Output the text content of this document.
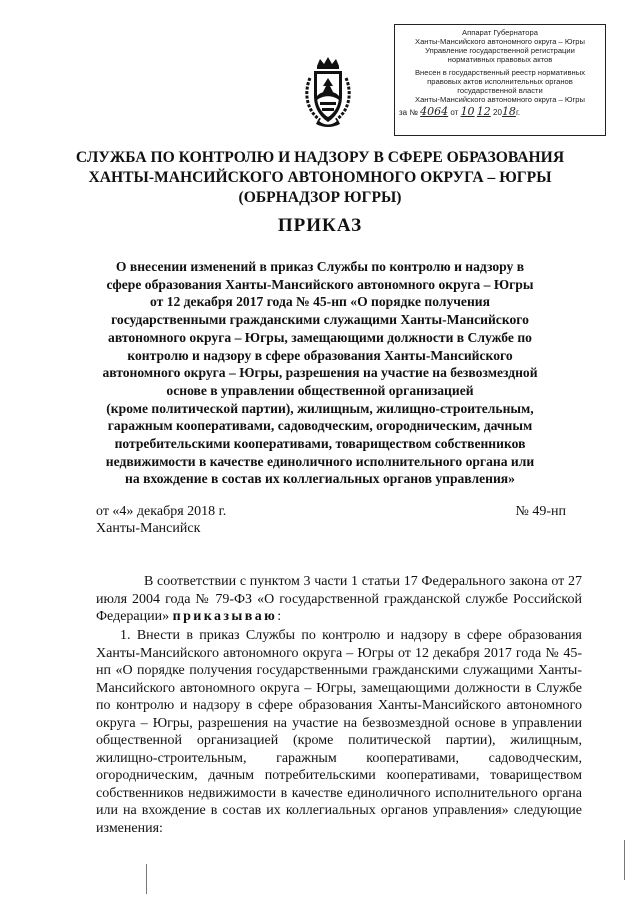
Аппарат Губернатора
Ханты-Мансийского автономного округа – Югры
Управление государственной регистрации
нормативных правовых актов
Внесен в государственный реестр нормативных
правовых актов исполнительных органов
государственной власти
Ханты-Мансийского автономного округа – Югры
за № 4064 от 10 12 2018г.
СЛУЖБА ПО КОНТРОЛЮ И НАДЗОРУ В СФЕРЕ ОБРАЗОВАНИЯ
ХАНТЫ-МАНСИЙСКОГО АВТОНОМНОГО ОКРУГА – ЮГРЫ
(ОБРНАДЗОР ЮГРЫ)
ПРИКАЗ
О внесении изменений в приказ Службы по контролю и надзору в
сфере образования Ханты-Мансийского автономного округа – Югры
от 12 декабря 2017 года № 45-нп «О порядке получения
государственными гражданскими служащими Ханты-Мансийского
автономного округа – Югры, замещающими должности в Службе по
контролю и надзору в сфере образования Ханты-Мансийского
автономного округа – Югры, разрешения на участие на безвозмездной
основе в управлении общественной организацией
(кроме политической партии), жилищным, жилищно-строительным,
гаражным кооперативами, садоводческим, огородническим, дачным
потребительскими кооперативами, товариществом собственников
недвижимости в качестве единоличного исполнительного органа или
на вхождение в состав их коллегиальных органов управления»
от «4» декабря 2018 г.	№ 49-нп
Ханты-Мансийск
В соответствии с пунктом 3 части 1 статьи 17 Федерального закона от 27 июля 2004 года № 79-ФЗ «О государственной гражданской службе Российской Федерации» приказываю:
1. Внести в приказ Службы по контролю и надзору в сфере образования Ханты-Мансийского автономного округа – Югры от 12 декабря 2017 года № 45-нп «О порядке получения государственными гражданскими служащими Ханты-Мансийского автономного округа – Югры, замещающими должности в Службе по контролю и надзору в сфере образования Ханты-Мансийского автономного округа – Югры, разрешения на участие на безвозмездной основе в управлении общественной организацией (кроме политической партии), жилищным, жилищно-строительным, гаражным кооперативами, садоводческим, огородническим, дачным потребительскими кооперативами, товариществом собственников недвижимости в качестве единоличного исполнительного органа или на вхождение в состав их коллегиальных органов управления» следующие изменения:
